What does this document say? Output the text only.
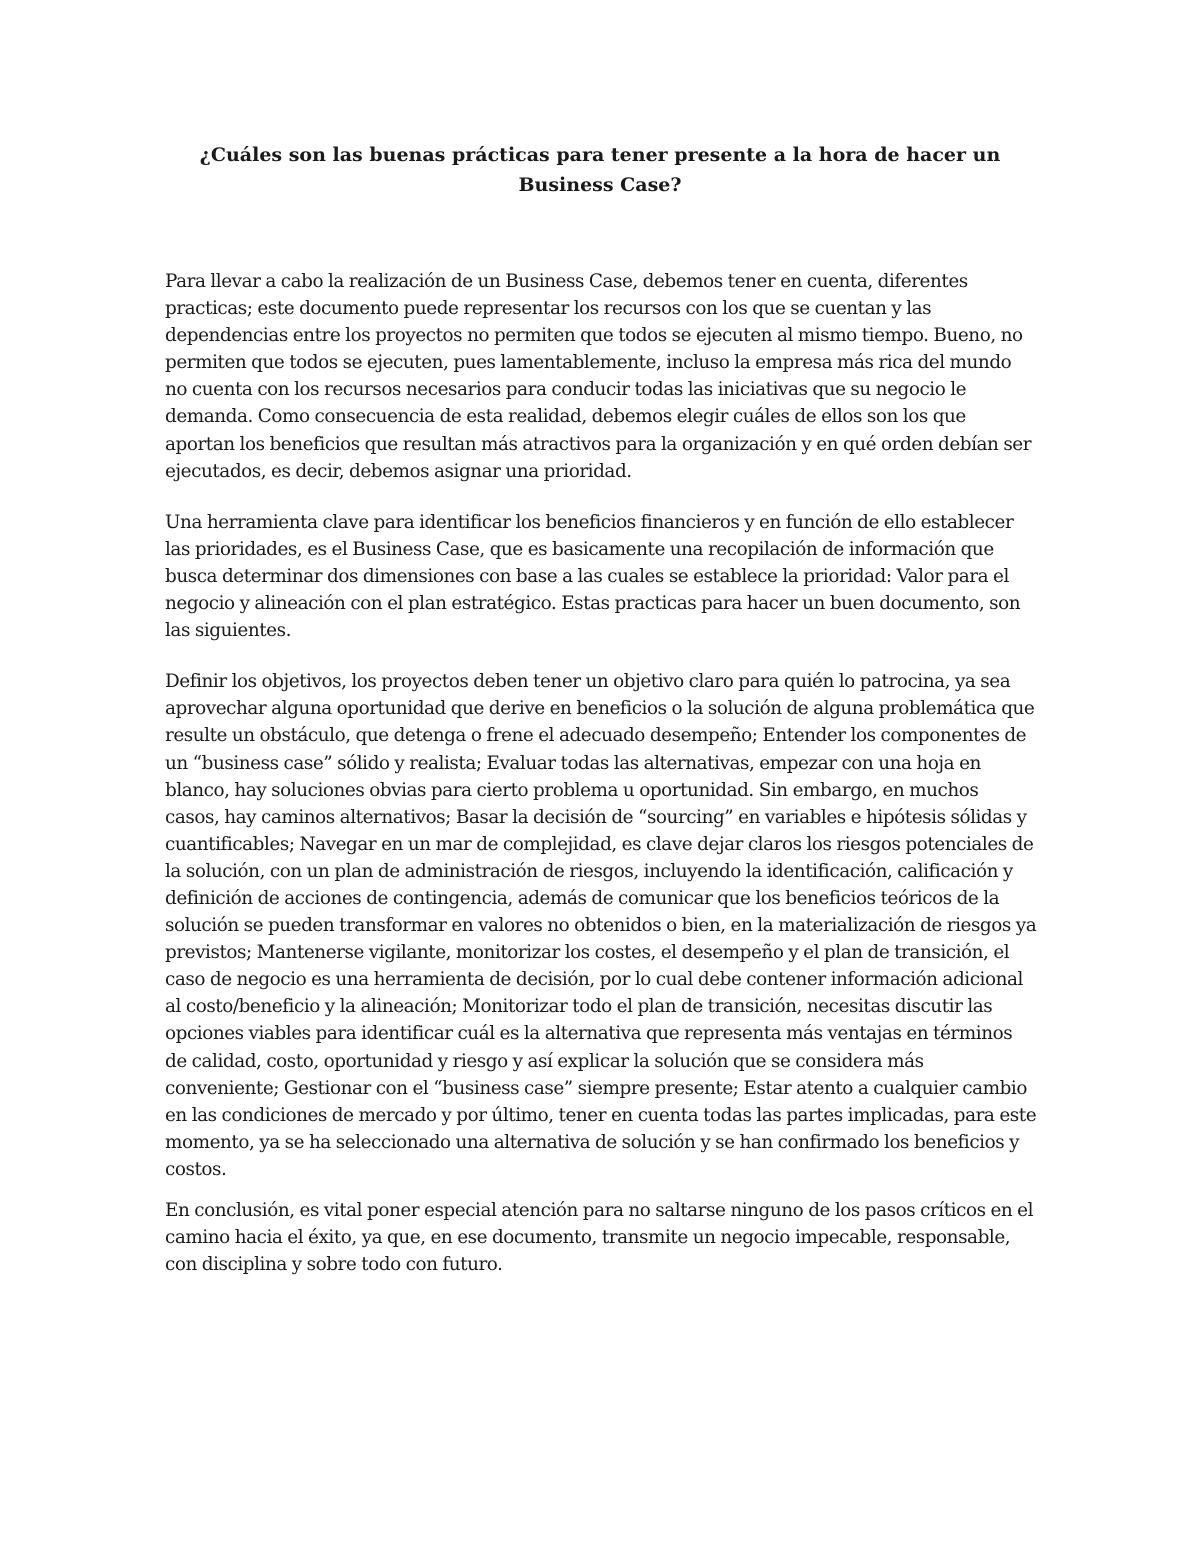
¿Cuáles son las buenas prácticas para tener presente a la hora de hacer un Business Case?

Para llevar a cabo la realización de un Business Case, debemos tener en cuenta, diferentes practicas; este documento puede representar los recursos con los que se cuentan y las dependencias entre los proyectos no permiten que todos se ejecuten al mismo tiempo. Bueno, no permiten que todos se ejecuten, pues lamentablemente, incluso la empresa más rica del mundo no cuenta con los recursos necesarios para conducir todas las iniciativas que su negocio le demanda. Como consecuencia de esta realidad, debemos elegir cuáles de ellos son los que aportan los beneficios que resultan más atractivos para la organización y en qué orden debían ser ejecutados, es decir, debemos asignar una prioridad.

Una herramienta clave para identificar los beneficios financieros y en función de ello establecer las prioridades, es el Business Case, que es basicamente una recopilación de información que busca determinar dos dimensiones con base a las cuales se establece la prioridad: Valor para el negocio y alineación con el plan estratégico. Estas practicas para hacer un buen documento, son las siguientes.

Definir los objetivos, los proyectos deben tener un objetivo claro para quién lo patrocina, ya sea aprovechar alguna oportunidad que derive en beneficios o la solución de alguna problemática que resulte un obstáculo, que detenga o frene el adecuado desempeño; Entender los componentes de un “business case” sólido y realista; Evaluar todas las alternativas, empezar con una hoja en blanco, hay soluciones obvias para cierto problema u oportunidad. Sin embargo, en muchos casos, hay caminos alternativos; Basar la decisión de “sourcing” en variables e hipótesis sólidas y cuantificables; Navegar en un mar de complejidad, es clave dejar claros los riesgos potenciales de la solución, con un plan de administración de riesgos, incluyendo la identificación, calificación y definición de acciones de contingencia, además de comunicar que los beneficios teóricos de la solución se pueden transformar en valores no obtenidos o bien, en la materialización de riesgos ya previstos; Mantenerse vigilante, monitorizar los costes, el desempeño y el plan de transición, el caso de negocio es una herramienta de decisión, por lo cual debe contener información adicional al costo/beneficio y la alineación; Monitorizar todo el plan de transición, necesitas discutir las opciones viables para identificar cuál es la alternativa que representa más ventajas en términos de calidad, costo, oportunidad y riesgo y así explicar la solución que se considera más conveniente; Gestionar con el “business case” siempre presente; Estar atento a cualquier cambio en las condiciones de mercado y por último, tener en cuenta todas las partes implicadas, para este momento, ya se ha seleccionado una alternativa de solución y se han confirmado los beneficios y costos.

En conclusión, es vital poner especial atención para no saltarse ninguno de los pasos críticos en el camino hacia el éxito, ya que, en ese documento, transmite un negocio impecable, responsable, con disciplina y sobre todo con futuro.
